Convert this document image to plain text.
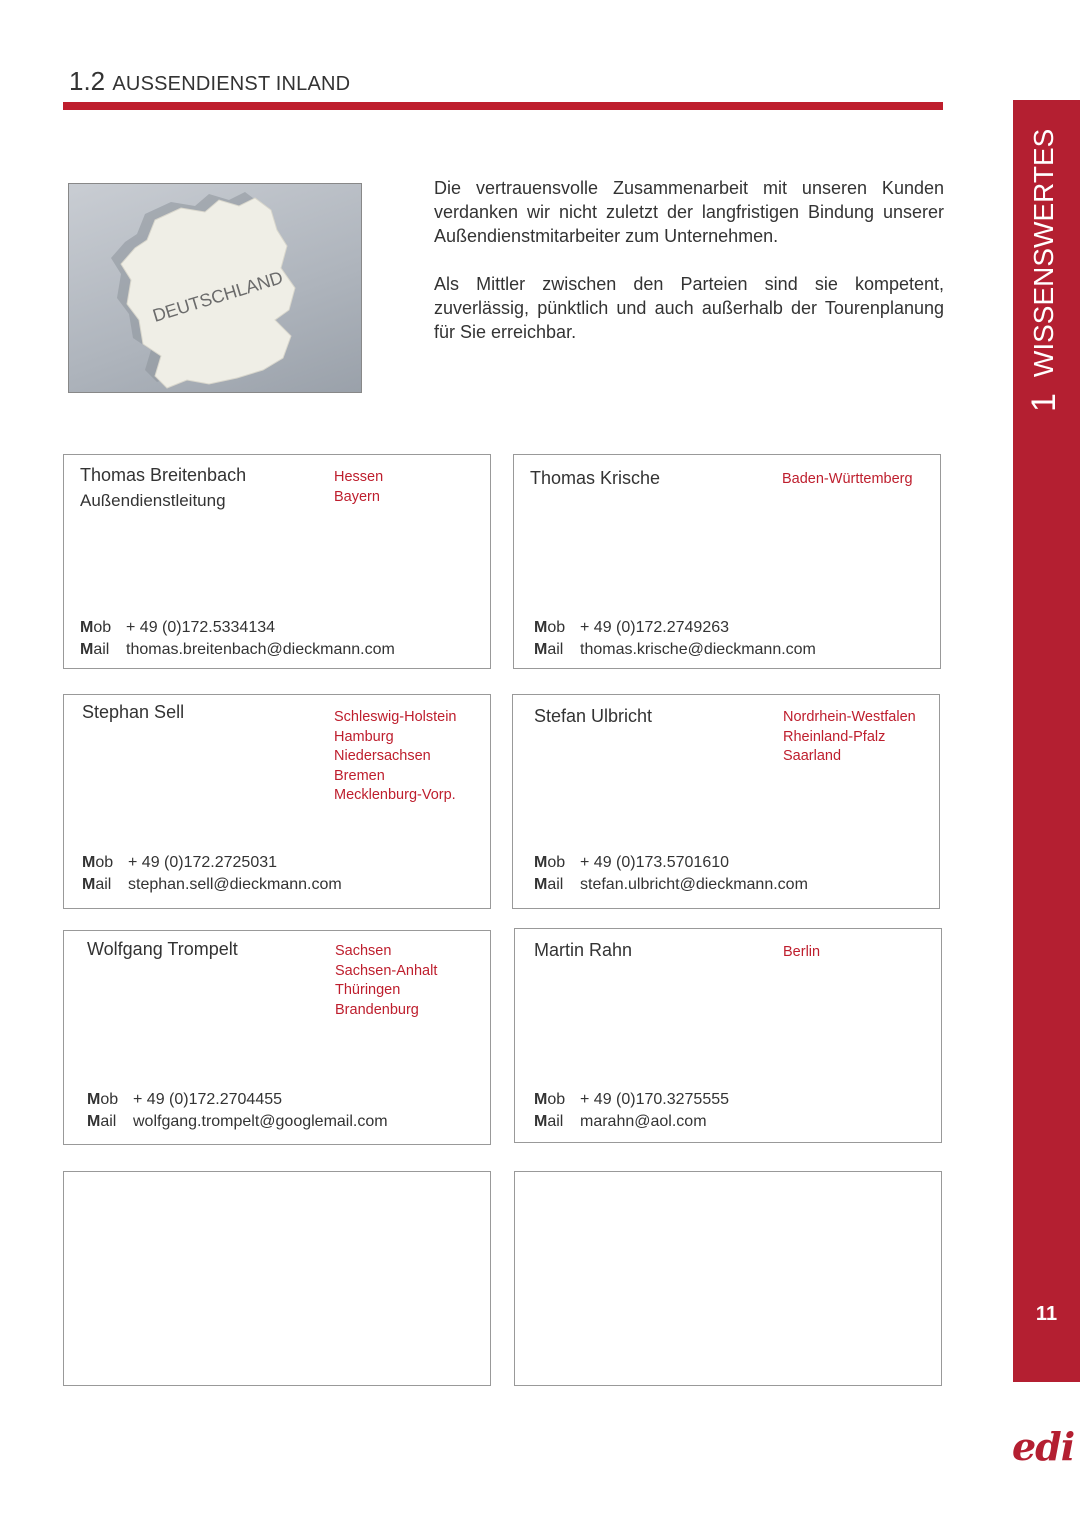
1.2 AUSSENDIENST INLAND
1
WISSENSWERTES
11
edi
DEUTSCHLAND

Die vertrauensvolle Zusammenarbeit mit unseren Kunden verdanken wir nicht zuletzt der langfristigen Bindung unserer Außendienstmitarbeiter zum Unternehmen.

Als Mittler zwischen den Parteien sind sie kompetent, zuverlässig, pünktlich und auch außerhalb der Tourenplanung für Sie erreichbar.

Thomas Breitenbach
Außendienstleitung
Hessen
Bayern
Mob + 49 (0)172.5334134
Mail thomas.breitenbach@dieckmann.com
Thomas Krische	Baden-Württemberg
Mob + 49 (0)172.2749263
Mail thomas.krische@dieckmann.com
Stephan Sell	Schleswig-Holstein
Hamburg
Niedersachsen
Bremen
Mecklenburg-Vorp.
Mob + 49 (0)172.2725031
Mail stephan.sell@dieckmann.com
Stefan Ulbricht	Nordrhein-Westfalen
Rheinland-Pfalz
Saarland
Mob + 49 (0)173.5701610
Mail stefan.ulbricht@dieckmann.com
Wolfgang Trompelt	Sachsen
Sachsen-Anhalt
Thüringen
Brandenburg
Mob + 49 (0)172.2704455
Mail wolfgang.trompelt@googlemail.com
Martin Rahn	Berlin
Mob + 49 (0)170.3275555
Mail marahn@aol.com
